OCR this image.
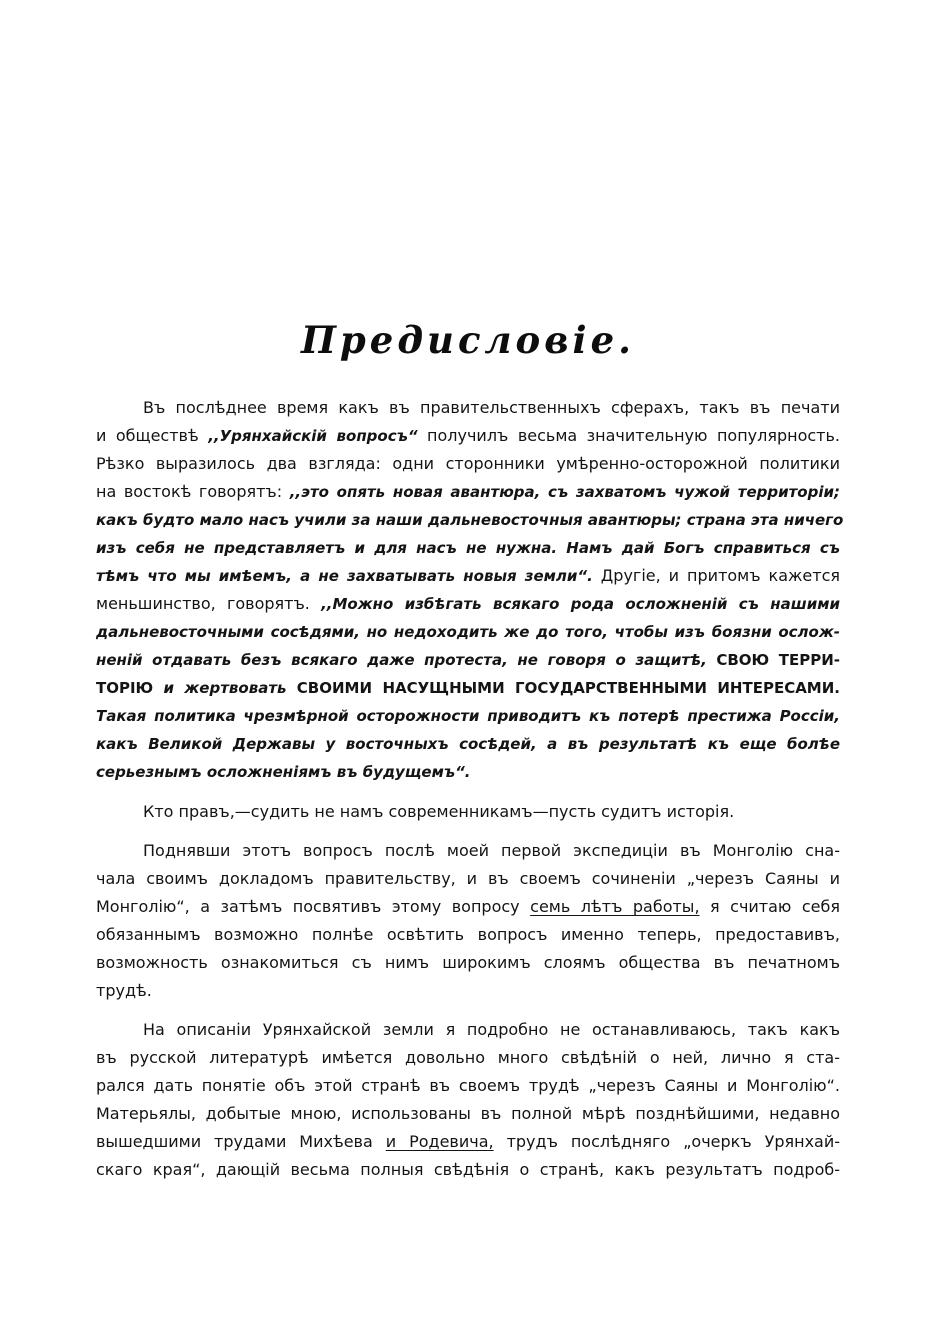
Предисловіе.
Въ послѣднее время какъ въ правительственныхъ сферахъ, такъ въ печати
и обществѣ ,,Урянхайскій вопросъ“ получилъ весьма значительную популярность.
Рѣзко выразилось два взгляда: одни сторонники умѣренно-осторожной политики
на востокѣ говорятъ: ,,это опять новая авантюра, съ захватомъ чужой территоріи;
какъ будто мало насъ учили за наши дальневосточныя авантюры; страна эта ничего
изъ себя не представляетъ и для насъ не нужна. Намъ дай Богъ справиться съ
тѣмъ что мы имѣемъ, а не захватывать новыя земли“. Другіе, и притомъ кажется
меньшинство, говорятъ. ,,Можно избѣгать всякаго рода осложненій съ нашими
дальневосточными сосѣдями, но недоходить же до того, чтобы изъ боязни ослож-
неній отдавать безъ всякаго даже протеста, не говоря о защитѣ, СВОЮ ТЕРРИ-
ТОРІЮ и жертвовать СВОИМИ НАСУЩНЫМИ ГОСУДАРСТВЕННЫМИ ИНТЕРЕСАМИ.
Такая политика чрезмѣрной осторожности приводитъ къ потерѣ престижа Россіи,
какъ Великой Державы у восточныхъ сосѣдей, а въ результатѣ къ еще болѣе
серьезнымъ осложненіямъ въ будущемъ“.
Кто правъ,—судить не намъ современникамъ—пусть судитъ исторія.
Поднявши этотъ вопросъ послѣ моей первой экспедиціи въ Монголію сна-
чала своимъ докладомъ правительству, и въ своемъ сочиненіи „черезъ Саяны и
Монголію“, а затѣмъ посвятивъ этому вопросу семь лѣтъ работы, я считаю себя
обязаннымъ возможно полнѣе освѣтить вопросъ именно теперь, предоставивъ,
возможность ознакомиться съ нимъ широкимъ слоямъ общества въ печатномъ
трудѣ.
На описаніи Урянхайской земли я подробно не останавливаюсь, такъ какъ
въ русской литературѣ имѣется довольно много свѣдѣній о ней, лично я ста-
рался дать понятіе объ этой странѣ въ своемъ трудѣ „черезъ Саяны и Монголію“.
Матерьялы, добытые мною, использованы въ полной мѣрѣ позднѣйшими, недавно
вышедшими трудами Михѣева и Родевича, трудъ послѣдняго „очеркъ Урянхай-
скаго края“, дающій весьма полныя свѣдѣнія о странѣ, какъ результатъ подроб-
